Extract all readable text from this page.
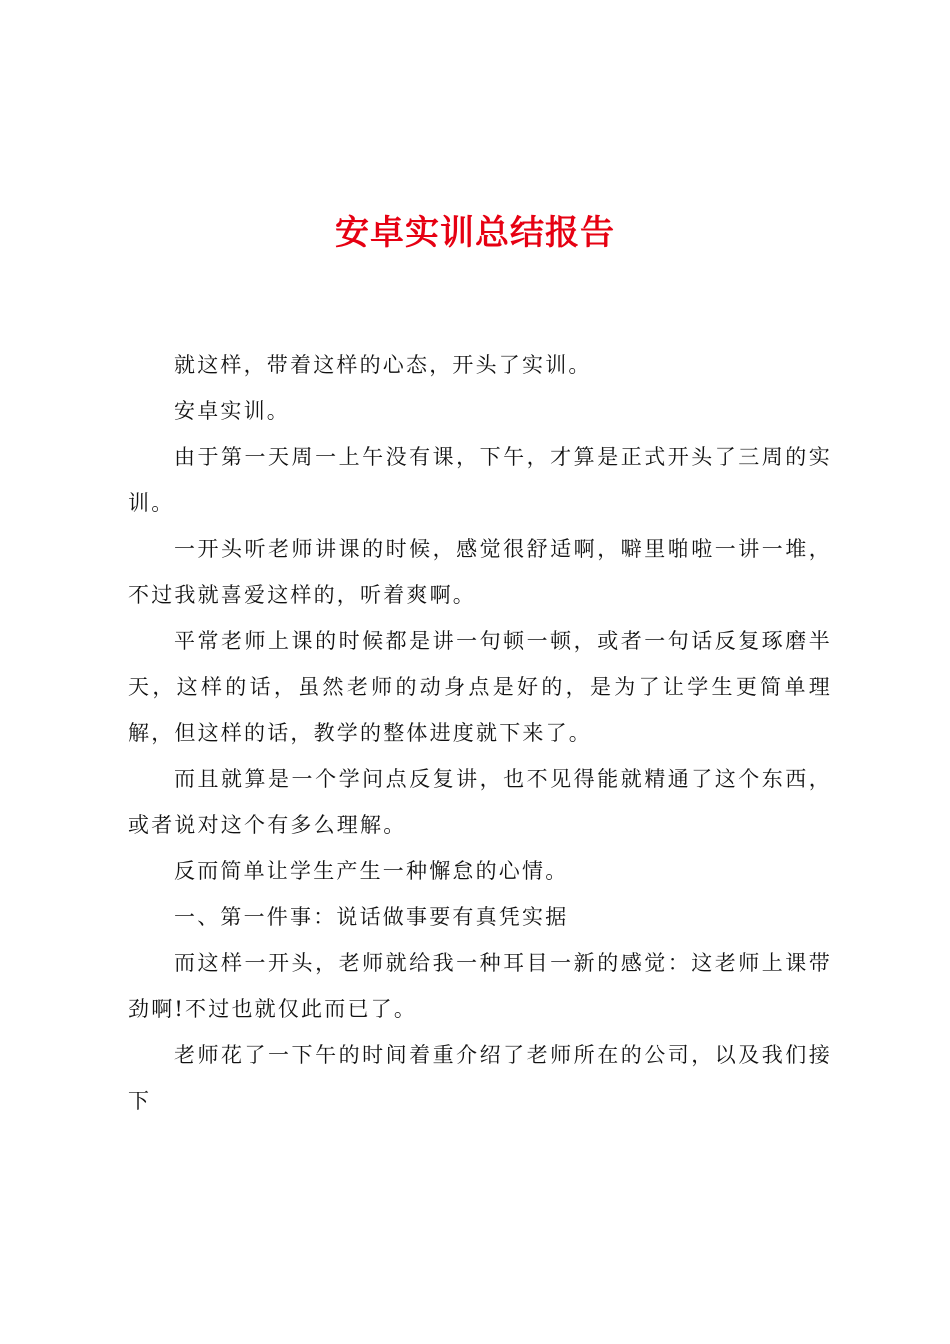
安卓实训总结报告

就这样，带着这样的心态，开头了实训。

安卓实训。

由于第一天周一上午没有课，下午，才算是正式开头了三周的实训。

一开头听老师讲课的时候，感觉很舒适啊，噼里啪啦一讲一堆，不过我就喜爱这样的，听着爽啊。

平常老师上课的时候都是讲一句顿一顿，或者一句话反复琢磨半天，这样的话，虽然老师的动身点是好的，是为了让学生更简单理解，但这样的话，教学的整体进度就下来了。

而且就算是一个学问点反复讲，也不见得能就精通了这个东西，或者说对这个有多么理解。

反而简单让学生产生一种懈怠的心情。

一、第一件事：说话做事要有真凭实据

而这样一开头，老师就给我一种耳目一新的感觉：这老师上课带劲啊!不过也就仅此而已了。

老师花了一下午的时间着重介绍了老师所在的公司，以及我们接下
